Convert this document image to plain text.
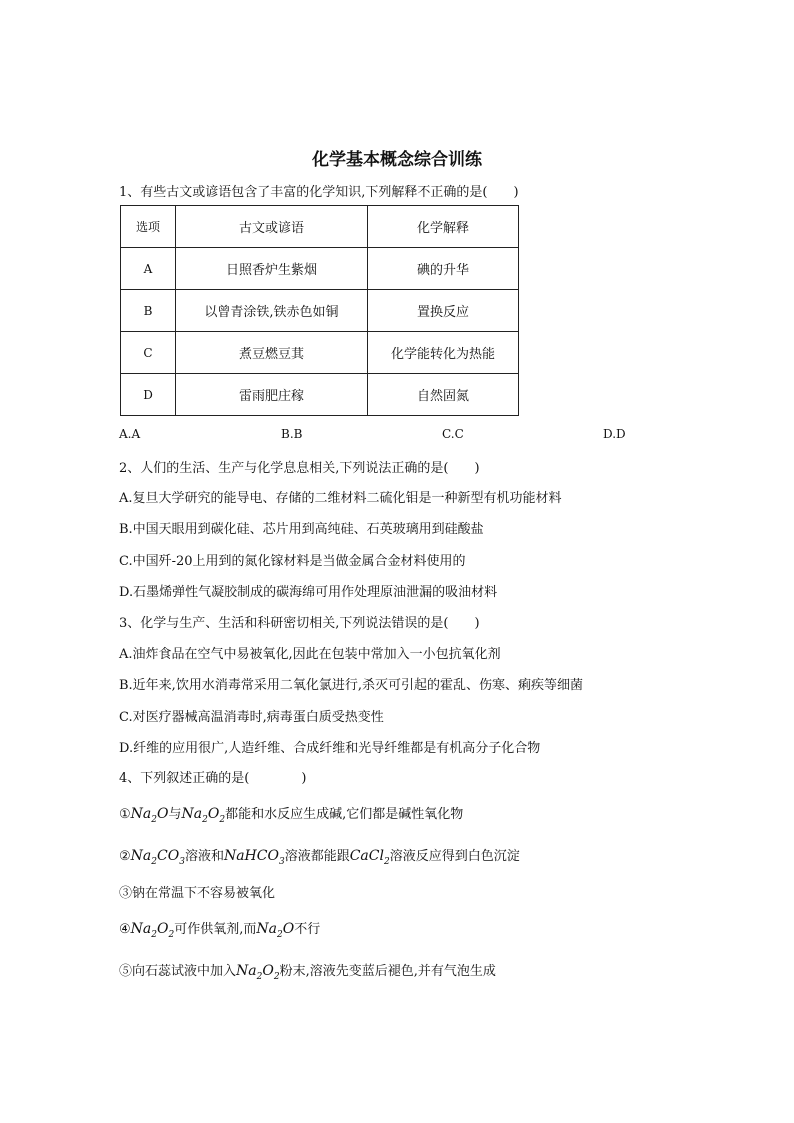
化学基本概念综合训练
1、有些古文或谚语包含了丰富的化学知识,下列解释不正确的是(　　)
选项	古文或谚语	化学解释
A	日照香炉生紫烟	碘的升华
B	以曾青涂铁,铁赤色如铜	置换反应
C	煮豆燃豆萁	化学能转化为热能
D	雷雨肥庄稼	自然固氮
A.A	B.B	C.C	D.D
2、人们的生活、生产与化学息息相关,下列说法正确的是(　　)
A.复旦大学研究的能导电、存储的二维材料二硫化钼是一种新型有机功能材料
B.中国天眼用到碳化硅、芯片用到高纯硅、石英玻璃用到硅酸盐
C.中国歼-20上用到的氮化镓材料是当做金属合金材料使用的
D.石墨烯弹性气凝胶制成的碳海绵可用作处理原油泄漏的吸油材料
3、化学与生产、生活和科研密切相关,下列说法错误的是(　　)
A.油炸食品在空气中易被氧化,因此在包装中常加入一小包抗氧化剂
B.近年来,饮用水消毒常采用二氧化氯进行,杀灭可引起的霍乱、伤寒、痢疾等细菌
C.对医疗器械高温消毒时,病毒蛋白质受热变性
D.纤维的应用很广,人造纤维、合成纤维和光导纤维都是有机高分子化合物
4、下列叙述正确的是(　　　　)
$①Na_2O$与$Na_2O_2$都能和水反应生成碱,它们都是碱性氧化物
$②Na_2CO_3$溶液和NaHCO$_3$溶液都能跟CaCl$_2$溶液反应得到白色沉淀
③钠在常温下不容易被氧化
$④Na_2O_2$可作供氧剂,而$Na_2O$不行
⑤向石蕊试液中加入$Na_2O_2$粉末,溶液先变蓝后褪色,并有气泡生成
